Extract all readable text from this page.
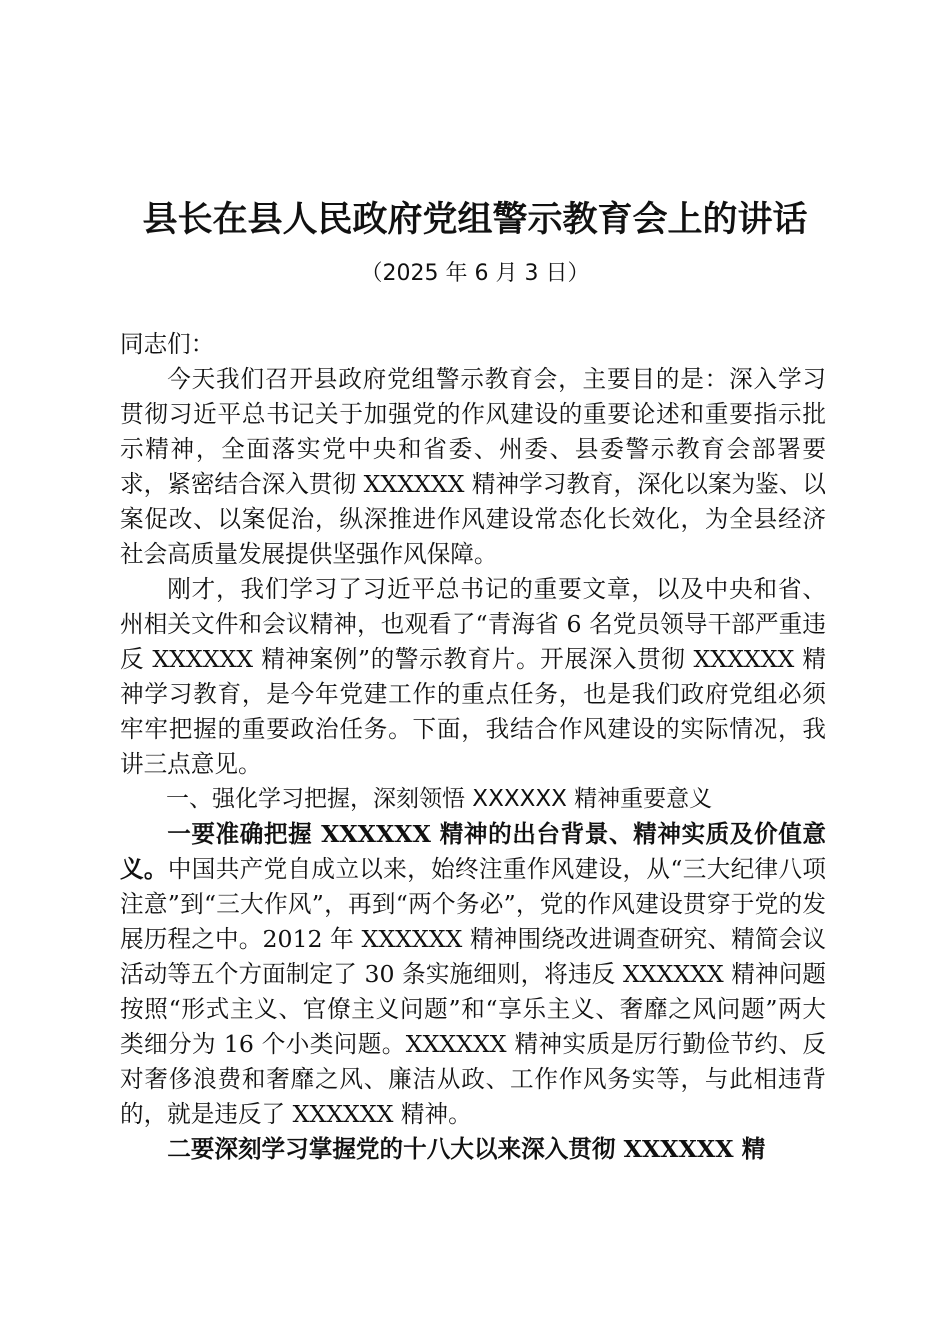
县长在县人民政府党组警示教育会上的讲话
（2025 年 6 月 3 日）

同志们：

今天我们召开县政府党组警示教育会，主要目的是：深入学习贯彻习近平总书记关于加强党的作风建设的重要论述和重要指示批示精神，全面落实党中央和省委、州委、县委警示教育会部署要求，紧密结合深入贯彻 XXXXXX 精神学习教育，深化以案为鉴、以案促改、以案促治，纵深推进作风建设常态化长效化，为全县经济社会高质量发展提供坚强作风保障。

刚才，我们学习了习近平总书记的重要文章，以及中央和省、州相关文件和会议精神，也观看了“青海省 6 名党员领导干部严重违反 XXXXXX 精神案例”的警示教育片。开展深入贯彻 XXXXXX 精神学习教育，是今年党建工作的重点任务，也是我们政府党组必须牢牢把握的重要政治任务。下面，我结合作风建设的实际情况，我讲三点意见。

一、强化学习把握，深刻领悟 XXXXXX 精神重要意义

一要准确把握 XXXXXX 精神的出台背景、精神实质及价值意义。中国共产党自成立以来，始终注重作风建设，从“三大纪律八项注意”到“三大作风”，再到“两个务必”，党的作风建设贯穿于党的发展历程之中。2012 年 XXXXXX 精神围绕改进调查研究、精简会议活动等五个方面制定了 30 条实施细则，将违反 XXXXXX 精神问题按照“形式主义、官僚主义问题”和“享乐主义、奢靡之风问题”两大类细分为 16 个小类问题。XXXXXX 精神实质是厉行勤俭节约、反对奢侈浪费和奢靡之风、廉洁从政、工作作风务实等，与此相违背的，就是违反了 XXXXXX 精神。

二要深刻学习掌握党的十八大以来深入贯彻 XXXXXX 精
